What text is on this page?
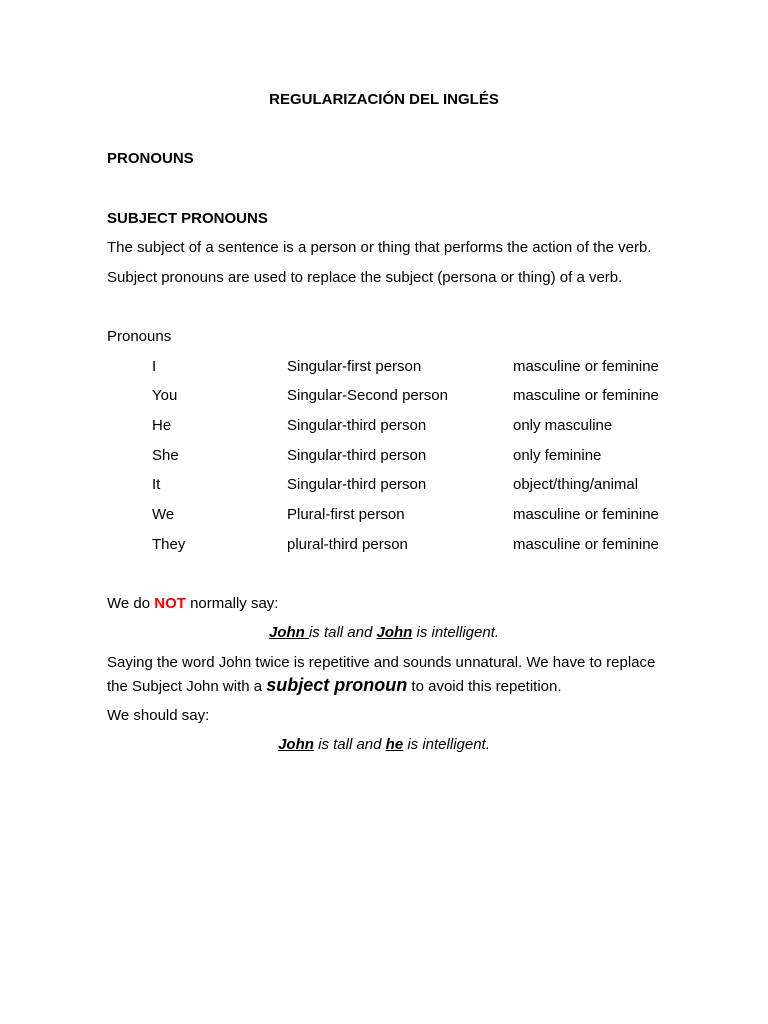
REGULARIZACIÓN DEL INGLÉS
PRONOUNS
SUBJECT PRONOUNS
The subject of a sentence is a person or thing that performs the action of the verb.
Subject pronouns are used to replace the subject (persona or thing) of a verb.
Pronouns
I	Singular-first person	masculine or feminine
You	Singular-Second person	masculine or feminine
He	Singular-third person	only masculine
She	Singular-third person	only feminine
It	Singular-third person	object/thing/animal
We	Plural-first person	masculine or feminine
They	plural-third person	masculine or feminine
We do NOT normally say:
John is tall and John is intelligent.
Saying the word John twice is repetitive and sounds unnatural. We have to replace the Subject John with a subject pronoun to avoid this repetition.
We should say:
John is tall and he is intelligent.
